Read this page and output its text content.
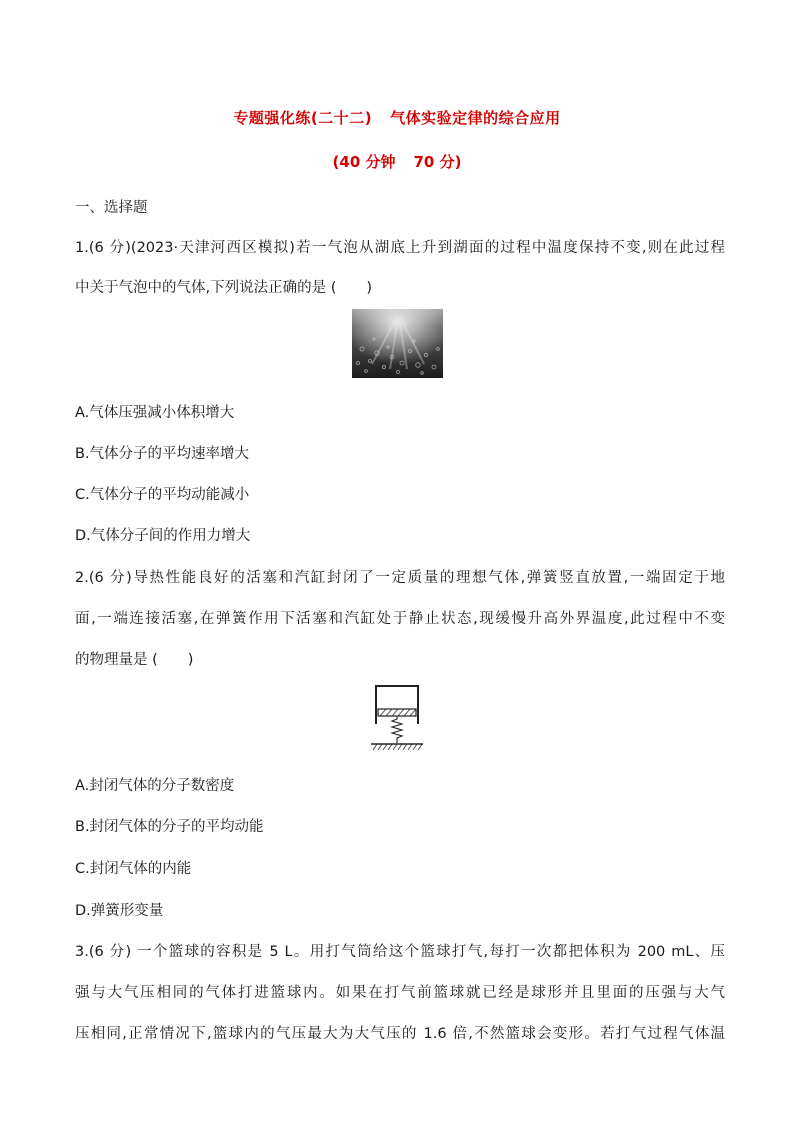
专题强化练(二十二) 气体实验定律的综合应用
(40 分钟 70 分)
一、选择题
1.(6 分)(2023·天津河西区模拟)若一气泡从湖底上升到湖面的过程中温度保持不变,则在此过程
中关于气泡中的气体,下列说法正确的是 ( )
A.气体压强减小体积增大
B.气体分子的平均速率增大
C.气体分子的平均动能减小
D.气体分子间的作用力增大
2.(6 分)导热性能良好的活塞和汽缸封闭了一定质量的理想气体,弹簧竖直放置,一端固定于地
面,一端连接活塞,在弹簧作用下活塞和汽缸处于静止状态,现缓慢升高外界温度,此过程中不变
的物理量是 ( )
A.封闭气体的分子数密度
B.封闭气体的分子的平均动能
C.封闭气体的内能
D.弹簧形变量
3.(6 分) 一个篮球的容积是 5 L。用打气筒给这个篮球打气,每打一次都把体积为 200 mL、压
强与大气压相同的气体打进篮球内。如果在打气前篮球就已经是球形并且里面的压强与大气
压相同,正常情况下,篮球内的气压最大为大气压的 1.6 倍,不然篮球会变形。若打气过程气体温
